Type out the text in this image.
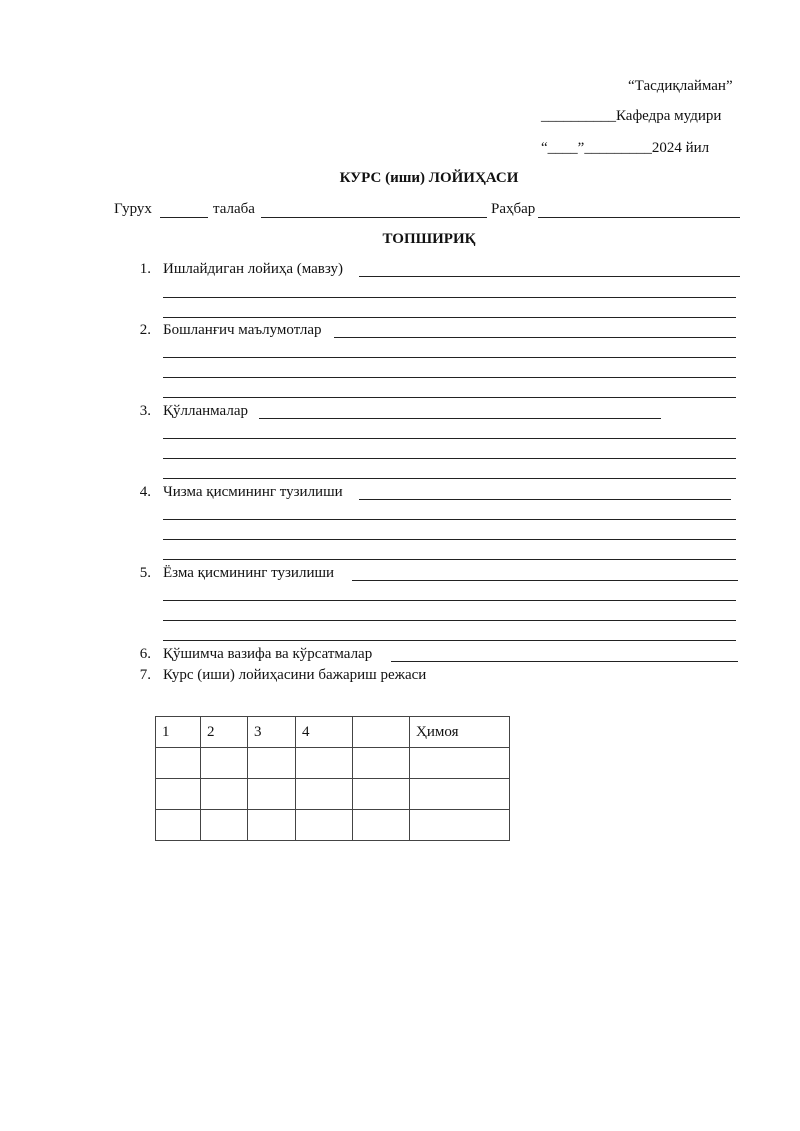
“Тасдиқлайман”
__________Кафедра мудири
“____”_________2024 йил
КУРС (иши) ЛОЙИҲАСИ
Гурух	талаба	Раҳбар
ТОПШИРИҚ
1. Ишлайдиган лойиҳа (мавзу)
2. Бошланғич маълумотлар
3. Қўлланмалар
4. Чизма қисмининг тузилиши
5. Ёзма қисмининг тузилиши
6. Қўшимча вазифа ва кўрсатмалар
7. Курс (иши) лойиҳасини бажариш режаси
1	2	3	4		Ҳимоя
